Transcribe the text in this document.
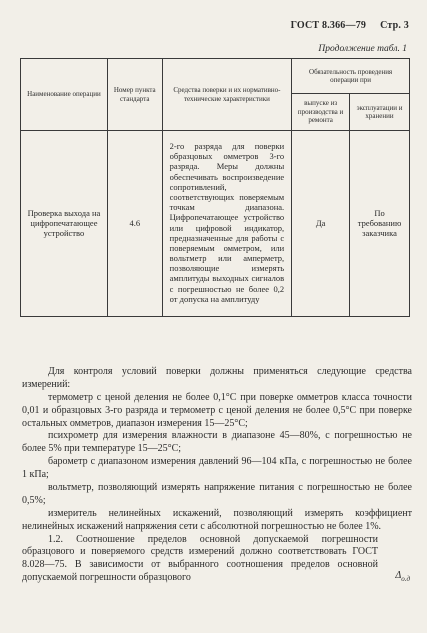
ГОСТ 8.366—79 Стр. 3
Продолжение табл. 1
Наименование операции	Номер пункта стандарта	Средства поверки и их нормативно-технические характеристики	Обязательность проведения операции при	
			выпуске из производства и ремонта	эксплуатации и хранении
Проверка выхода на цифропечатающее устройство	4.6	2-го разряда для поверки образцовых омметров 3-го разряда. Меры должны обеспечивать воспроизведение сопротивлений, соответствующих поверяемым точкам диапазона. Цифропечатающее устройство или цифровой индикатор, предназначенные для работы с поверяемым омметром, или вольтметр или амперметр, позволяющие измерять амплитуды выходных сигналов с погрешностью не более 0,2 от допуска на амплитуду	Да	По требованию заказчика

Для контроля условий поверки должны применяться следующие средства измерений:

термометр с ценой деления не более 0,1°С при поверке омметров класса точности 0,01 и образцовых 3-го разряда и термометр с ценой деления не более 0,5°С при поверке остальных омметров, диапазон измерения 15—25°С;

психрометр для измерения влажности в диапазоне 45—80%, с погрешностью не более 5% при температуре 15—25°С;

барометр с диапазоном измерения давлений 96—104 кПа, с погрешностью не более 1 кПа;

вольтметр, позволяющий измерять напряжение питания с погрешностью не более 0,5%;

измеритель нелинейных искажений, позволяющий измерять коэффициент нелинейных искажений напряжения сети с абсолютной погрешностью не более 1%.

1.2. Соотношение пределов основной допускаемой погрешности образцового и поверяемого средств измерений должно соответствовать ГОСТ 8.028—75. В зависимости от выбранного соотношения пределов основной допускаемой погрешности образцового	$\Delta_{о.д}$
